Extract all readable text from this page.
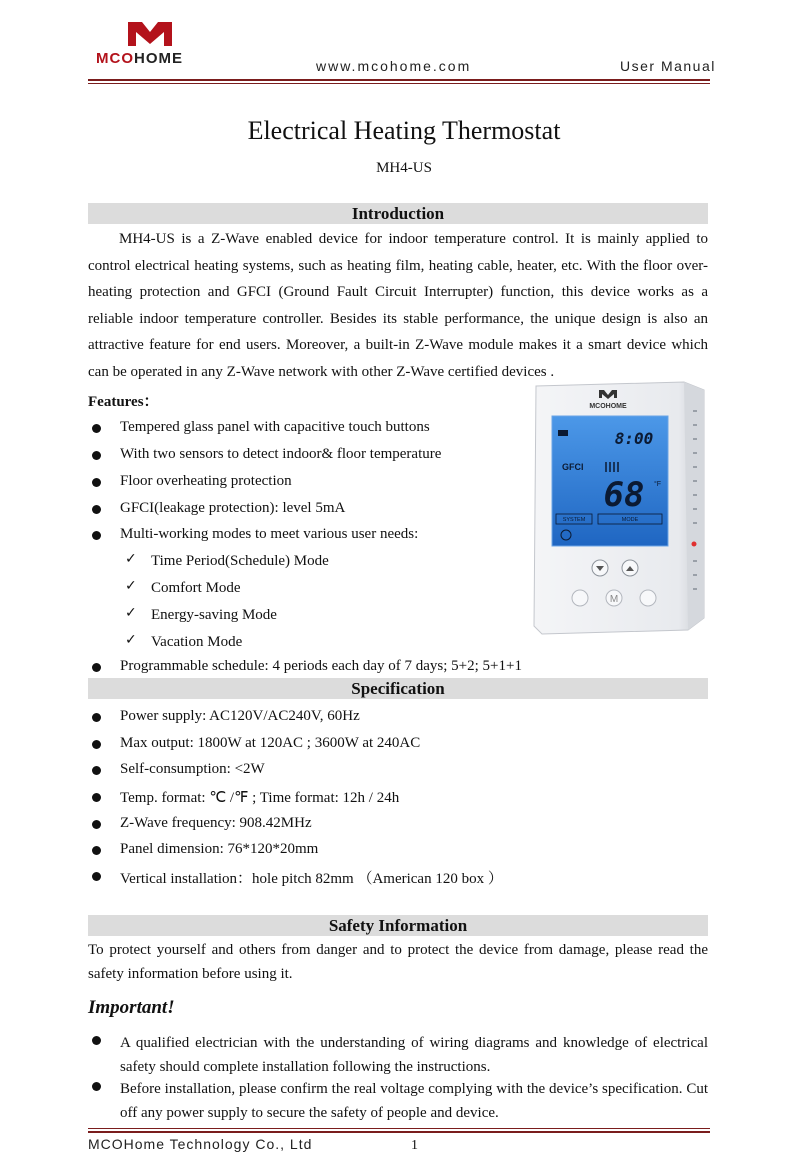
MCOHOME	www.mcohome.com	User Manual
Electrical Heating Thermostat
MH4-US
Introduction
MH4-US is a Z-Wave enabled device for indoor temperature control. It is mainly applied to control electrical heating systems, such as heating film, heating cable, heater, etc. With the floor over-heating protection and GFCI (Ground Fault Circuit Interrupter) function, this device works as a reliable indoor temperature controller. Besides its stable performance, the unique design is also an attractive feature for end users. Moreover, a built-in Z-Wave module makes it a smart device which can be operated in any Z-Wave network with other Z-Wave certified devices .
Features：
Tempered glass panel with capacitive touch buttons
With two sensors to detect indoor& floor temperature
Floor overheating protection
GFCI(leakage protection): level 5mA
Multi-working modes to meet various user needs:
✓ Time Period(Schedule) Mode
✓ Comfort Mode
✓ Energy-saving Mode
✓ Vacation Mode
Programmable schedule: 4 periods each day of 7 days; 5+2; 5+1+1
MCOHOME
8:00
GFCI
68 °F
SYSTEM	MODE
M
Specification
Power supply: AC120V/AC240V, 60Hz
Max output: 1800W at 120AC ; 3600W at 240AC
Self-consumption: <2W
Temp. format: ℃ /℉ ; Time format: 12h / 24h
Z-Wave frequency: 908.42MHz
Panel dimension: 76*120*20mm
Vertical installation：hole pitch 82mm （American 120 box ）
Safety Information
To protect yourself and others from danger and to protect the device from damage, please read the safety information before using it.
Important!
A qualified electrician with the understanding of wiring diagrams and knowledge of electrical safety should complete installation following the instructions.
Before installation, please confirm the real voltage complying with the device’s specification. Cut off any power supply to secure the safety of people and device.
MCOHome Technology Co., Ltd	1
